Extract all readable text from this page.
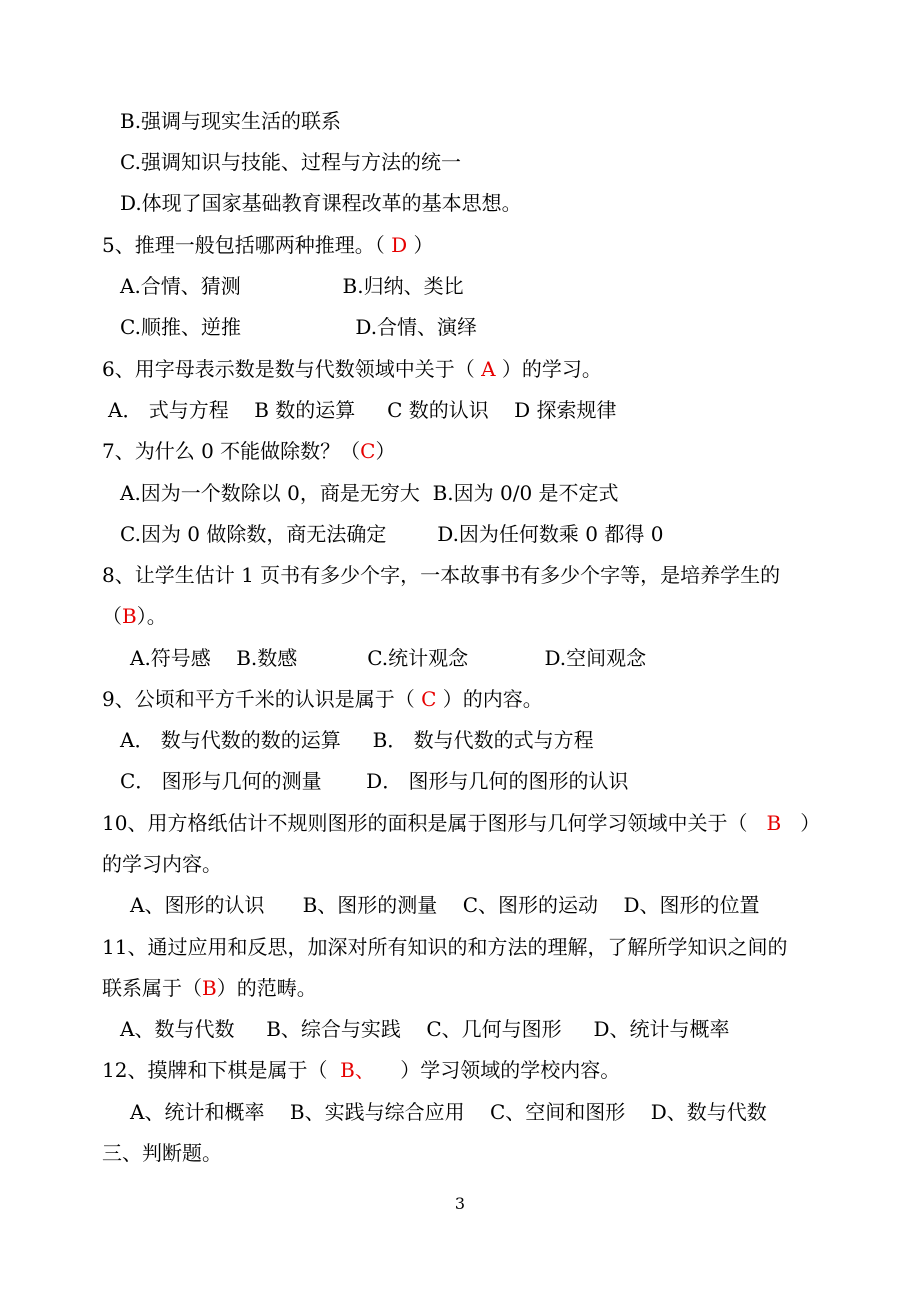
B.强调与现实生活的联系
C.强调知识与技能、过程与方法的统一
D.体现了国家基础教育课程改革的基本思想。
5、推理一般包括哪两种推理。（ D ）
A.合情、猜测                B.归纳、类比
C.顺推、逆推                  D.合情、演绎
6、用字母表示数是数与代数领域中关于（ A ）的学习。
A． 式与方程    B 数的运算     C 数的认识    D 探索规律
7、为什么 0 不能做除数？（C）
A.因为一个数除以 0，商是无穷大  B.因为 0/0 是不定式
C.因为 0 做除数，商无法确定        D.因为任何数乘 0 都得 0
8、让学生估计 1 页书有多少个字，一本故事书有多少个字等，是培养学生的
（B）。
A.符号感    B.数感           C.统计观念            D.空间观念
9、公顷和平方千米的认识是属于（ C ）的内容。
A． 数与代数的数的运算     B． 数与代数的式与方程
C． 图形与几何的测量       D． 图形与几何的图形的认识
10、用方格纸估计不规则图形的面积是属于图形与几何学习领域中关于（   B   ）
的学习内容。
A、图形的认识      B、图形的测量    C、图形的运动    D、图形的位置
11、通过应用和反思，加深对所有知识的和方法的理解，了解所学知识之间的
联系属于（B）的范畴。
A、数与代数     B、综合与实践    C、几何与图形     D、统计与概率
12、摸牌和下棋是属于（  B、    ）学习领域的学校内容。
A、统计和概率    B、实践与综合应用    C、空间和图形    D、数与代数
三、判断题。
3
